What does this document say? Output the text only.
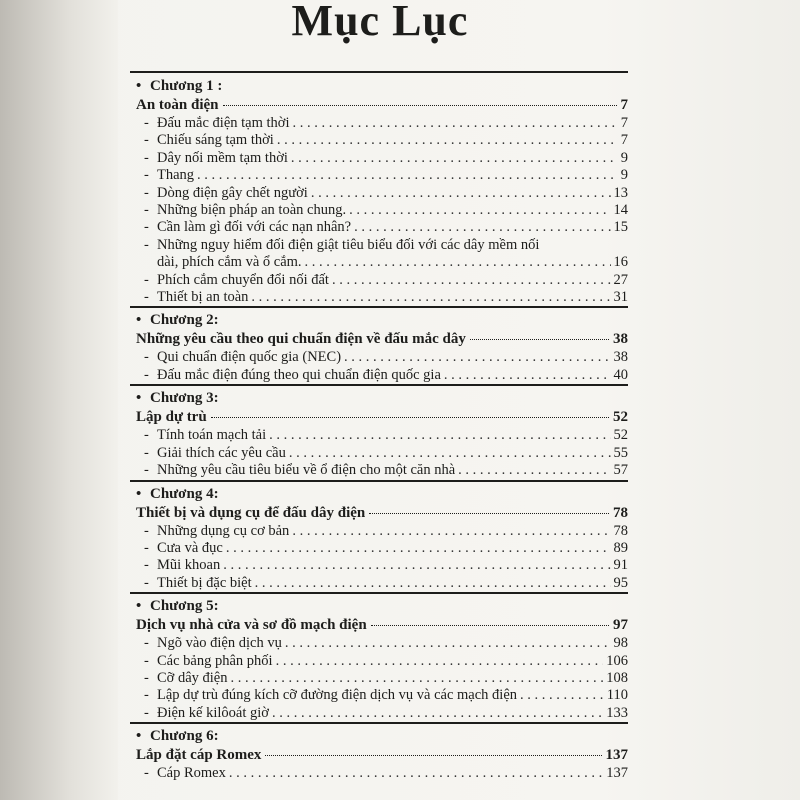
Mục Lục
• Chương 1 :
An toàn điện	7
- Đấu mắc điện tạm thời . . .	7
- Chiếu sáng tạm thời . . .	7
- Dây nối mềm tạm thời . . .	9
- Thang . . .	9
- Dòng điện gây chết người . . .	13
- Những biện pháp an toàn chung. . . .	14
- Cần làm gì đối với các nạn nhân? . . .	15
- Những nguy hiểm đối điện giật tiêu biểu đối với các dây mềm nối
dài, phích cắm và ổ cắm. . . .	16
- Phích cắm chuyển đổi nối đất . . .	27
- Thiết bị an toàn . . .	31
• Chương 2:
Những yêu cầu theo qui chuẩn điện về đấu mắc dây	38
- Qui chuẩn điện quốc gia (NEC) . . .	38
- Đấu mắc điện đúng theo qui chuẩn điện quốc gia . . .	40
• Chương 3:
Lập dự trù	52
- Tính toán mạch tải . . .	52
- Giải thích các yêu cầu . . .	55
- Những yêu cầu tiêu biểu về ổ điện cho một căn nhà . . .	57
• Chương 4:
Thiết bị và dụng cụ để đấu dây điện	78
- Những dụng cụ cơ bản . . .	78
- Cưa và đục . . .	89
- Mũi khoan . . .	91
- Thiết bị đặc biệt . . .	95
• Chương 5:
Dịch vụ nhà cửa và sơ đồ mạch điện	97
- Ngõ vào điện dịch vụ . . .	98
- Các bảng phân phối . . .	106
- Cỡ dây điện . . .	108
- Lập dự trù đúng kích cỡ đường điện dịch vụ và các mạch điện . . .	110
- Điện kế kilôoát giờ . . .	133
• Chương 6:
Lắp đặt cáp Romex	137
- Cáp Romex . . .	137
